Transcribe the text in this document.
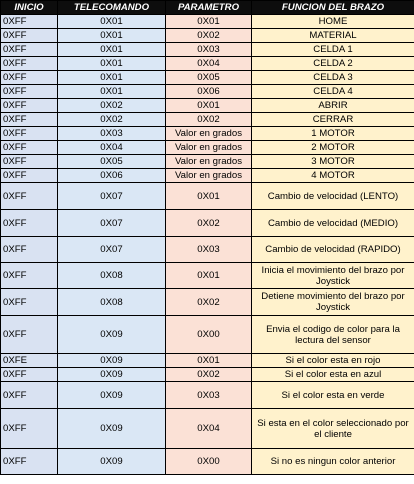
INICIO	TELECOMANDO	PARAMETRO	FUNCION DEL BRAZO
0XFF	0X01	0X01	HOME
0XFF	0X01	0X02	MATERIAL
0XFF	0X01	0X03	CELDA 1
0XFF	0X01	0X04	CELDA 2
0XFF	0X01	0X05	CELDA 3
0XFF	0X01	0X06	CELDA 4
0XFF	0X02	0X01	ABRIR
0XFF	0X02	0X02	CERRAR
0XFF	0X03	Valor en grados	1 MOTOR
0XFF	0X04	Valor en grados	2 MOTOR
0XFF	0X05	Valor en grados	3 MOTOR
0XFF	0X06	Valor en grados	4 MOTOR
0XFF	0X07	0X01	Cambio de velocidad (LENTO)
0XFF	0X07	0X02	Cambio de velocidad (MEDIO)
0XFF	0X07	0X03	Cambio de velocidad (RAPIDO)
0XFF	0X08	0X01	Inicia el movimiento del brazo por Joystick
0XFF	0X08	0X02	Detiene movimiento del brazo por Joystick
0XFF	0X09	0X00	Envia el codigo de color para la lectura del sensor
0XFE	0X09	0X01	Si el color esta en rojo
0XFF	0X09	0X02	Si el color esta en azul
0XFF	0X09	0X03	Si el color esta en verde
0XFF	0X09	0X04	Si esta en el color seleccionado por el cliente
0XFF	0X09	0X00	Si no es ningun color anterior
